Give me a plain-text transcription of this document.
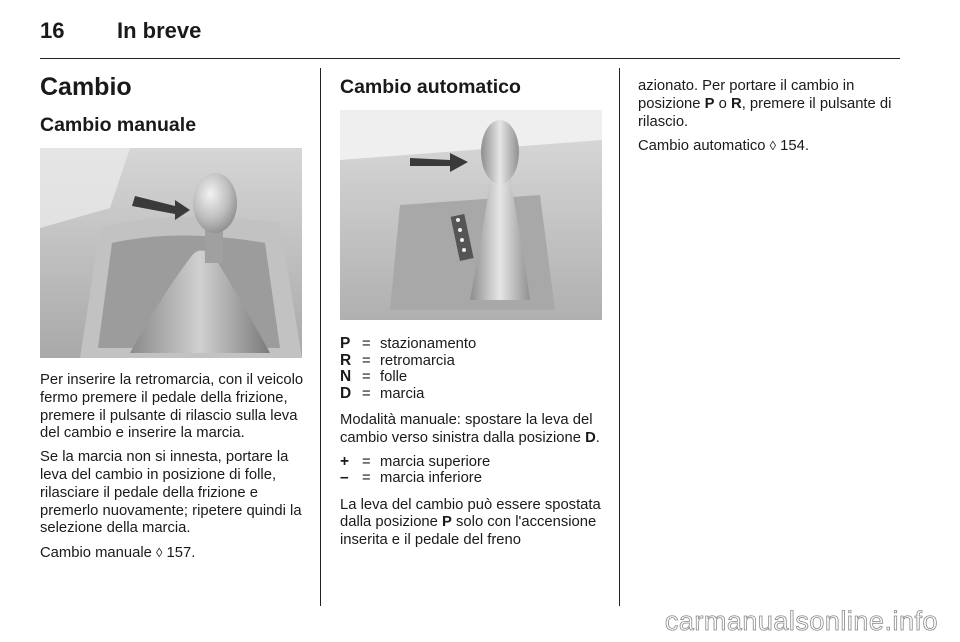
16 In breve
Cambio
Cambio manuale

Per inserire la retromarcia, con il veicolo fermo premere il pedale della frizione, premere il pulsante di rilascio sulla leva del cambio e inserire la marcia.

Se la marcia non si innesta, portare la leva del cambio in posizione di folle, rilasciare il pedale della frizione e premerlo nuovamente; ripetere quindi la selezione della marcia.

Cambio manuale ◊ 157.

Cambio automatico
P = stazionamento
R = retromarcia
N = folle
D = marcia

Modalità manuale: spostare la leva del cambio verso sinistra dalla posizione D.

+ = marcia superiore
– = marcia inferiore

La leva del cambio può essere spostata dalla posizione P solo con l'accensione inserita e il pedale del freno

azionato. Per portare il cambio in posizione P o R, premere il pulsante di rilascio.

Cambio automatico ◊ 154.

carmanualsonline.info
